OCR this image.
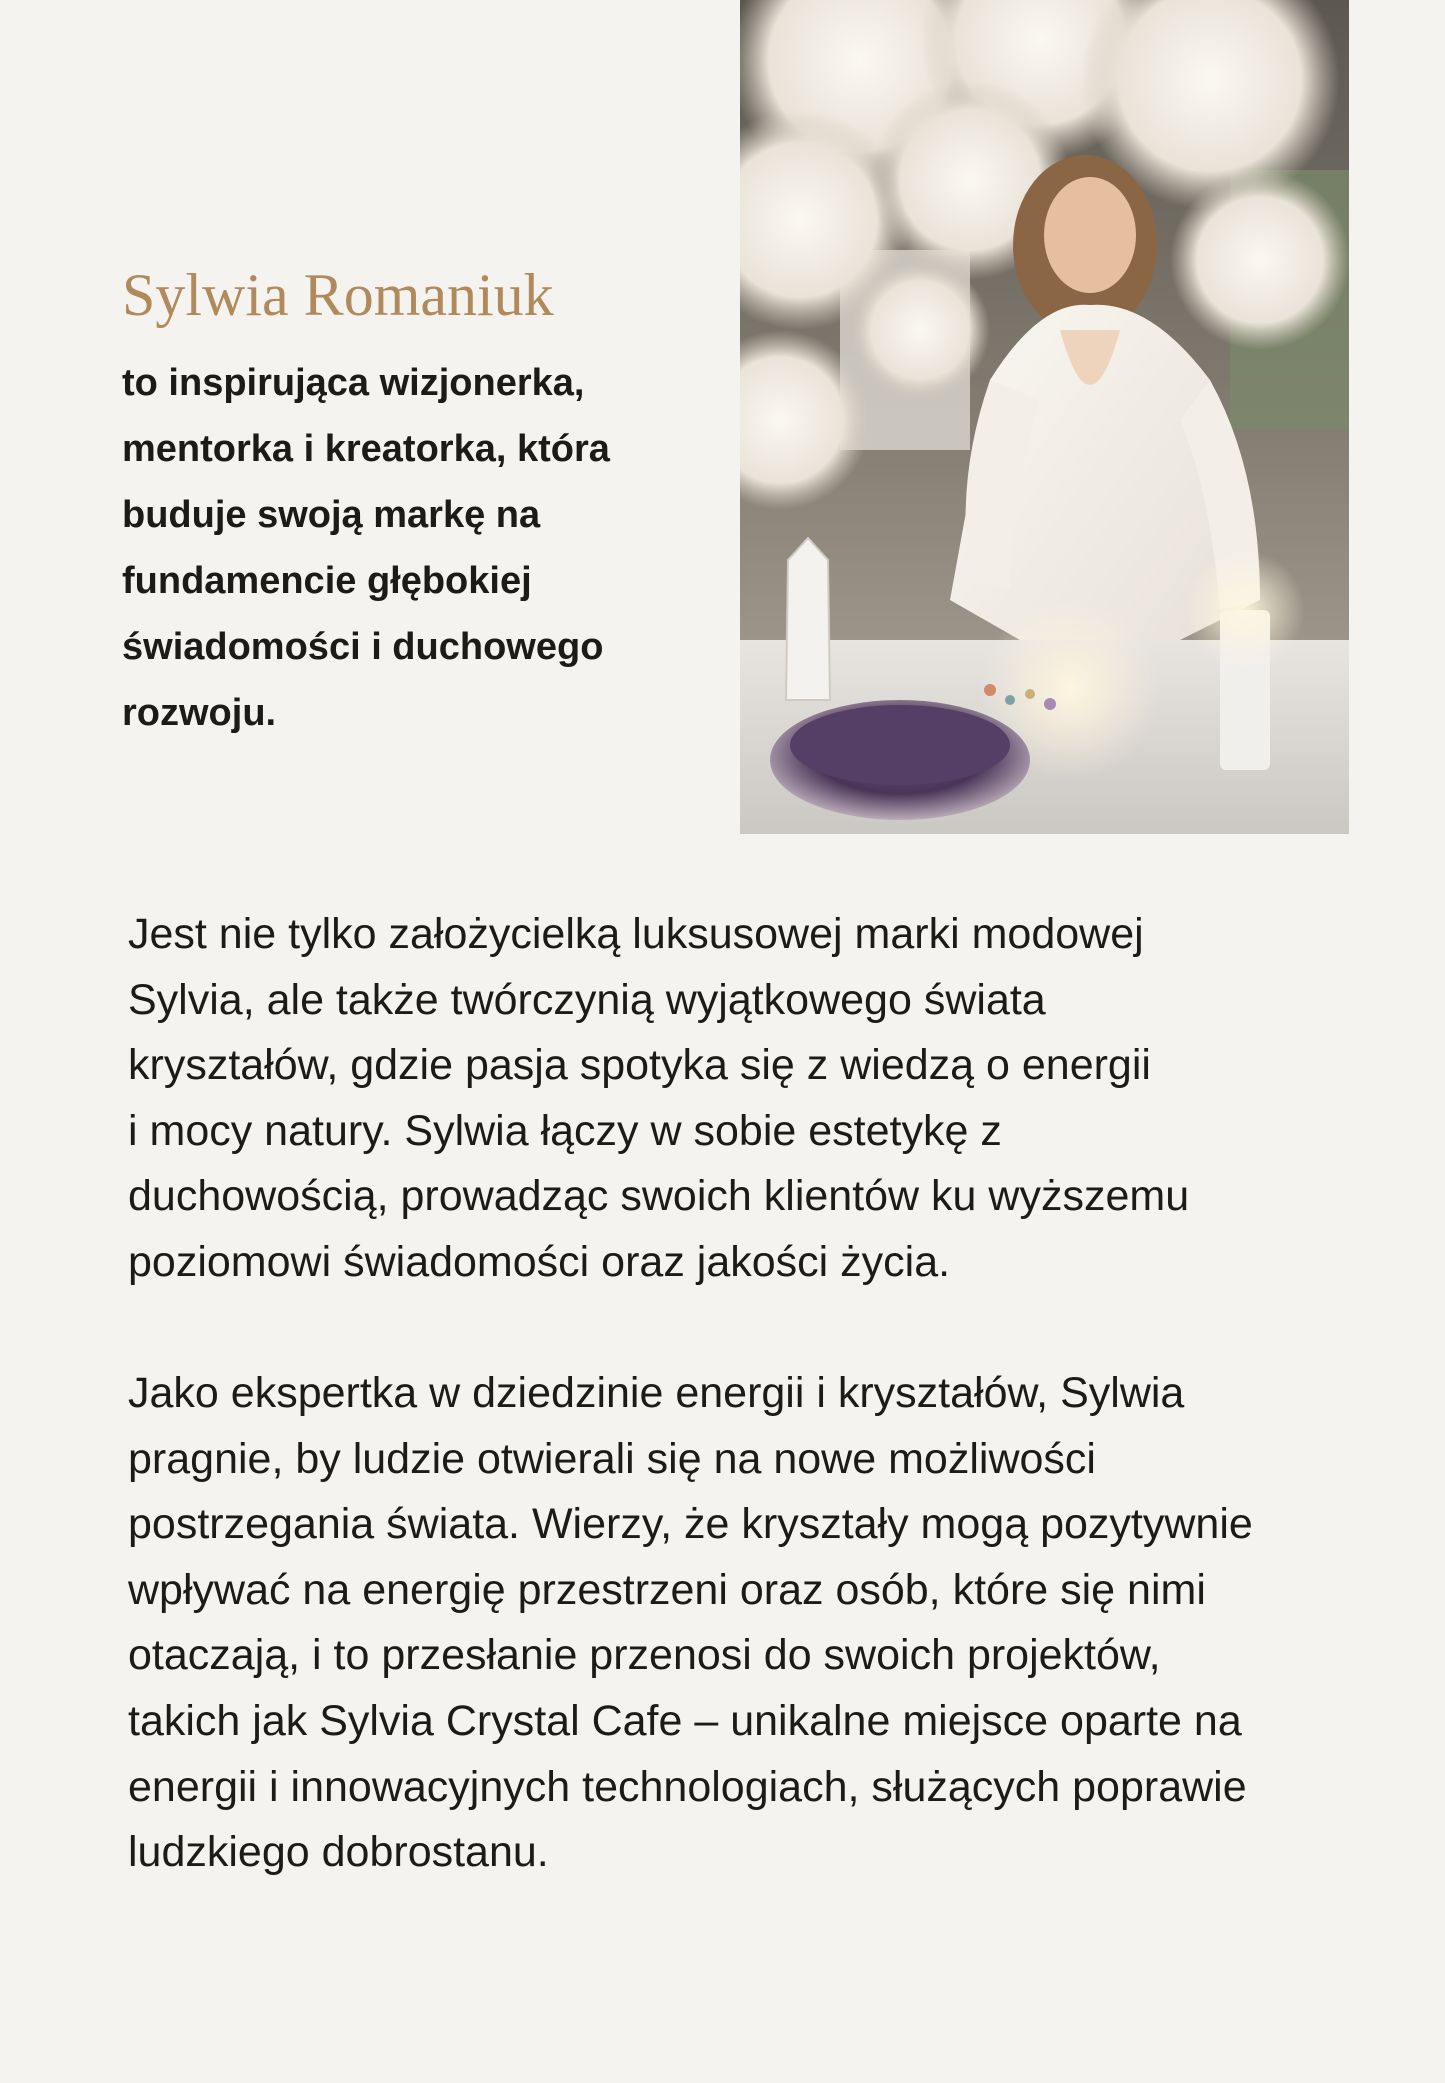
Sylwia Romaniuk

to inspirująca wizjonerka,
mentorka i kreatorka, która
buduje swoją markę na
fundamencie głębokiej
świadomości i duchowego
rozwoju.

Jest nie tylko założycielką luksusowej marki modowej
Sylvia, ale także twórczynią wyjątkowego świata
kryształów, gdzie pasja spotyka się z wiedzą o energii
i mocy natury. Sylwia łączy w sobie estetykę z
duchowością, prowadząc swoich klientów ku wyższemu
poziomowi świadomości oraz jakości życia.

Jako ekspertka w dziedzinie energii i kryształów, Sylwia
pragnie, by ludzie otwierali się na nowe możliwości
postrzegania świata. Wierzy, że kryształy mogą pozytywnie
wpływać na energię przestrzeni oraz osób, które się nimi
otaczają, i to przesłanie przenosi do swoich projektów,
takich jak Sylvia Crystal Cafe – unikalne miejsce oparte na
energii i innowacyjnych technologiach, służących poprawie
ludzkiego dobrostanu.
